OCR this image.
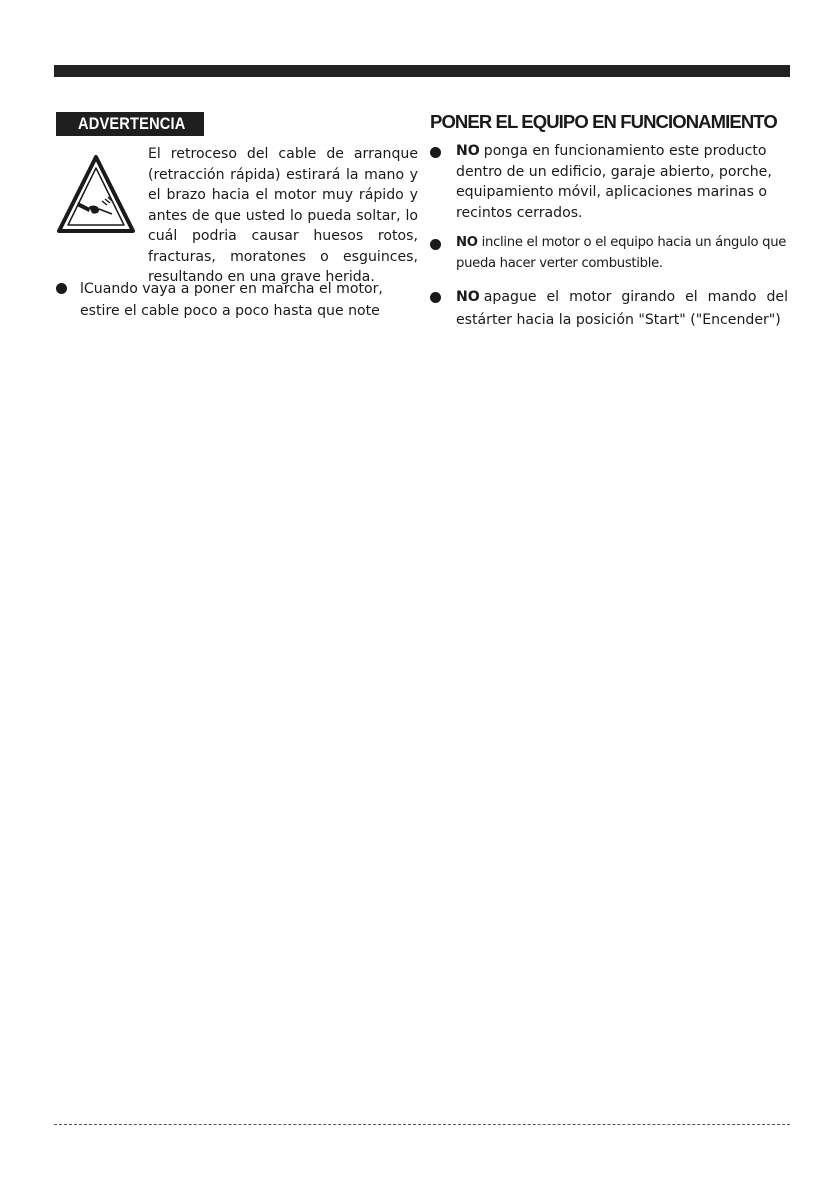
ADVERTENCIA
El retroceso del cable de arranque (retracción rápida) estirará la mano y el brazo hacia el motor muy rápido y antes de que usted lo pueda soltar, lo cuál podria causar huesos rotos, fracturas, moratones o esguinces, resultando en una grave herida.
lCuando vaya a poner en marcha el motor, estire el cable poco a poco hasta que note
PONER EL EQUIPO EN FUNCIONAMIENTO
NO ponga en funcionamiento este producto dentro de un edificio, garaje abierto, porche, equipamiento móvil, aplicaciones marinas o recintos cerrados.
NO incline el motor o el equipo hacia un ángulo que pueda hacer verter combustible.
NO apague el motor girando el mando del estárter hacia la posición "Start" ("Encender")
